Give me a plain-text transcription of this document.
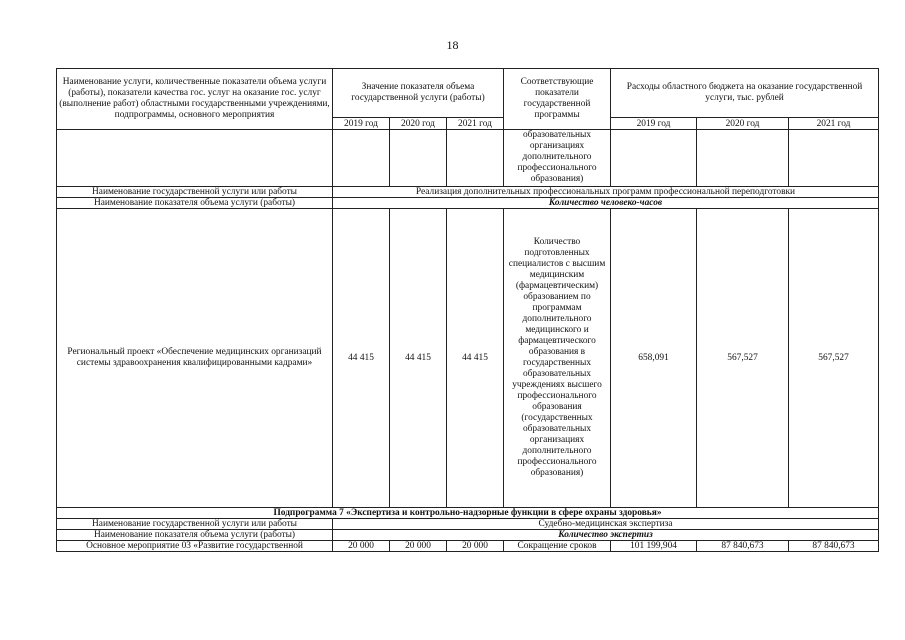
18
Наименование услуги, количественные показатели объема услуги (работы), показатели качества гос. услуг на оказание гос. услуг (выполнение работ) областными государственными учреждениями, подпрограммы, основного мероприятия	Значение показателя объема государственной услуги (работы)			Соответствующие показатели государственной программы	Расходы областного бюджета на оказание государственной услуги, тыс. рублей		
	2019 год	2020 год	2021 год		2019 год	2020 год	2021 год
				образовательных организациях дополнительного профессионального образования)			
Наименование государственной услуги или работы	Реализация дополнительных профессиональных программ профессиональной переподготовки						
Наименование показателя объема услуги (работы)	Количество человеко-часов						
Региональный проект «Обеспечение медицинских организаций системы здравоохранения квалифицированными кадрами»	44 415	44 415	44 415	Количество подготовленных специалистов с высшим медицинским (фармацевтическим) образованием по программам дополнительного медицинского и фармацевтического образования в государственных образовательных учреждениях высшего профессионального образования (государственных образовательных организациях дополнительного профессионального образования)	658,091	567,527	567,527
Подпрограмма 7 «Экспертиза и контрольно-надзорные функции в сфере охраны здоровья»							
Наименование государственной услуги или работы	Судебно-медицинская экспертиза						
Наименование показателя объема услуги (работы)	Количество экспертиз						
Основное мероприятие 03 «Развитие государственной	20 000	20 000	20 000	Сокращение сроков	101 199,904	87 840,673	87 840,673
